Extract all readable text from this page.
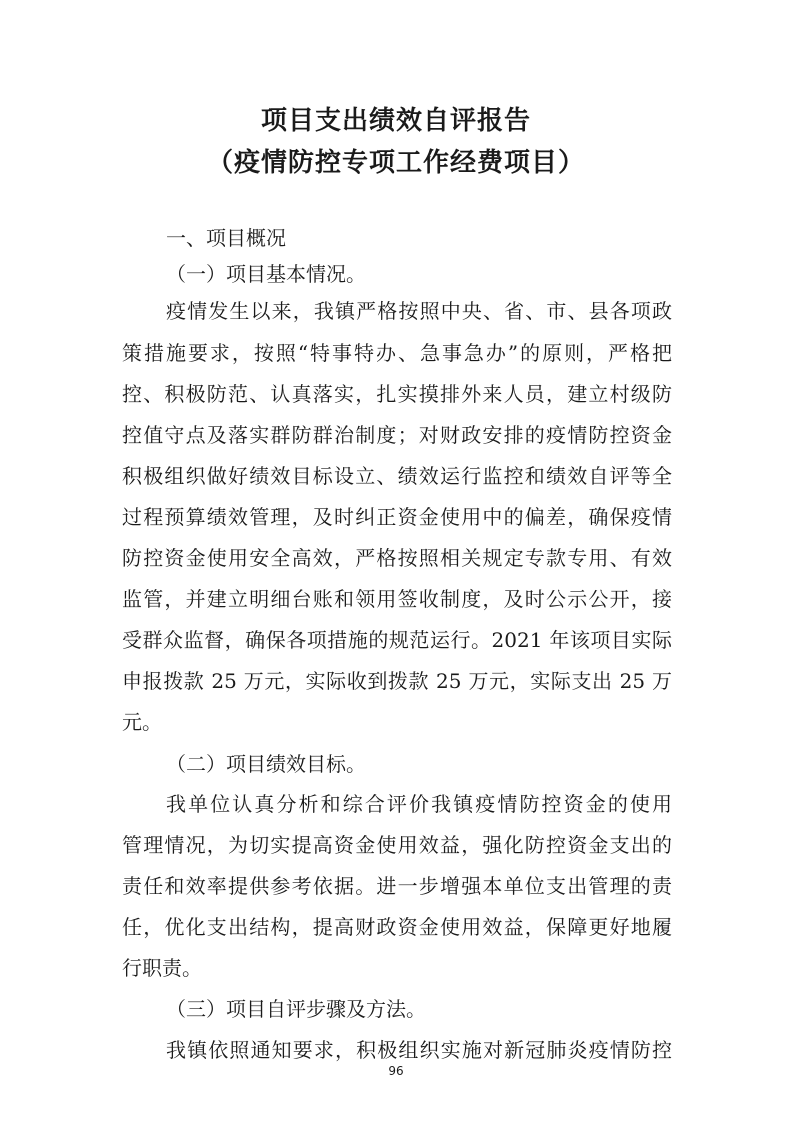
项目支出绩效自评报告
（疫情防控专项工作经费项目）
一、项目概况
（一）项目基本情况。
疫情发生以来，我镇严格按照中央、省、市、县各项政
策措施要求，按照“特事特办、急事急办”的原则，严格把
控、积极防范、认真落实，扎实摸排外来人员，建立村级防
控值守点及落实群防群治制度；对财政安排的疫情防控资金
积极组织做好绩效目标设立、绩效运行监控和绩效自评等全
过程预算绩效管理，及时纠正资金使用中的偏差，确保疫情
防控资金使用安全高效，严格按照相关规定专款专用、有效
监管，并建立明细台账和领用签收制度，及时公示公开，接
受群众监督，确保各项措施的规范运行。2021 年该项目实际
申报拨款 25 万元，实际收到拨款 25 万元，实际支出 25 万
元。
（二）项目绩效目标。
我单位认真分析和综合评价我镇疫情防控资金的使用
管理情况，为切实提高资金使用效益，强化防控资金支出的
责任和效率提供参考依据。进一步增强本单位支出管理的责
任，优化支出结构，提高财政资金使用效益，保障更好地履
行职责。
（三）项目自评步骤及方法。
我镇依照通知要求，积极组织实施对新冠肺炎疫情防控
96
